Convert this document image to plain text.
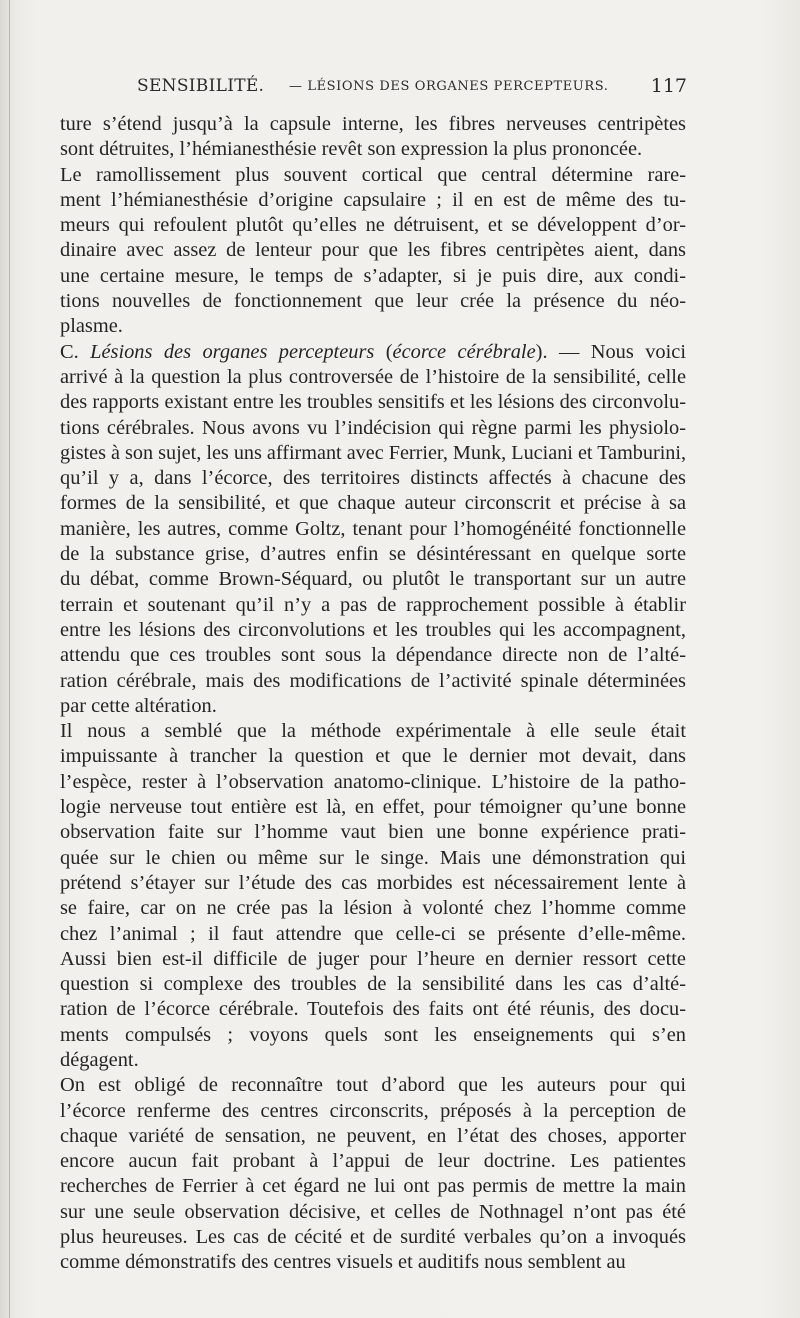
SENSIBILITÉ. — LÉSIONS DES ORGANES PERCEPTEURS. 117
ture s’étend jusqu’à la capsule interne, les fibres nerveuses centripètes
sont détruites, l’hémianesthésie revêt son expression la plus prononcée.
Le ramollissement plus souvent cortical que central détermine rare-
ment l’hémianesthésie d’origine capsulaire ; il en est de même des tu-
meurs qui refoulent plutôt qu’elles ne détruisent, et se développent d’or-
dinaire avec assez de lenteur pour que les fibres centripètes aient, dans
une certaine mesure, le temps de s’adapter, si je puis dire, aux condi-
tions nouvelles de fonctionnement que leur crée la présence du néo-
plasme.
C. Lésions des organes percepteurs (écorce cérébrale). — Nous voici
arrivé à la question la plus controversée de l’histoire de la sensibilité, celle
des rapports existant entre les troubles sensitifs et les lésions des circonvolu-
tions cérébrales. Nous avons vu l’indécision qui règne parmi les physiolo-
gistes à son sujet, les uns affirmant avec Ferrier, Munk, Luciani et Tamburini,
qu’il y a, dans l’écorce, des territoires distincts affectés à chacune des
formes de la sensibilité, et que chaque auteur circonscrit et précise à sa
manière, les autres, comme Goltz, tenant pour l’homogénéité fonctionnelle
de la substance grise, d’autres enfin se désintéressant en quelque sorte
du débat, comme Brown-Séquard, ou plutôt le transportant sur un autre
terrain et soutenant qu’il n’y a pas de rapprochement possible à établir
entre les lésions des circonvolutions et les troubles qui les accompagnent,
attendu que ces troubles sont sous la dépendance directe non de l’alté-
ration cérébrale, mais des modifications de l’activité spinale déterminées
par cette altération.
Il nous a semblé que la méthode expérimentale à elle seule était
impuissante à trancher la question et que le dernier mot devait, dans
l’espèce, rester à l’observation anatomo-clinique. L’histoire de la patho-
logie nerveuse tout entière est là, en effet, pour témoigner qu’une bonne
observation faite sur l’homme vaut bien une bonne expérience prati-
quée sur le chien ou même sur le singe. Mais une démonstration qui
prétend s’étayer sur l’étude des cas morbides est nécessairement lente à
se faire, car on ne crée pas la lésion à volonté chez l’homme comme
chez l’animal ; il faut attendre que celle-ci se présente d’elle-même.
Aussi bien est-il difficile de juger pour l’heure en dernier ressort cette
question si complexe des troubles de la sensibilité dans les cas d’alté-
ration de l’écorce cérébrale. Toutefois des faits ont été réunis, des docu-
ments compulsés ; voyons quels sont les enseignements qui s’en
dégagent.
On est obligé de reconnaître tout d’abord que les auteurs pour qui
l’écorce renferme des centres circonscrits, préposés à la perception de
chaque variété de sensation, ne peuvent, en l’état des choses, apporter
encore aucun fait probant à l’appui de leur doctrine. Les patientes
recherches de Ferrier à cet égard ne lui ont pas permis de mettre la main
sur une seule observation décisive, et celles de Nothnagel n’ont pas été
plus heureuses. Les cas de cécité et de surdité verbales qu’on a invoqués
comme démonstratifs des centres visuels et auditifs nous semblent au
